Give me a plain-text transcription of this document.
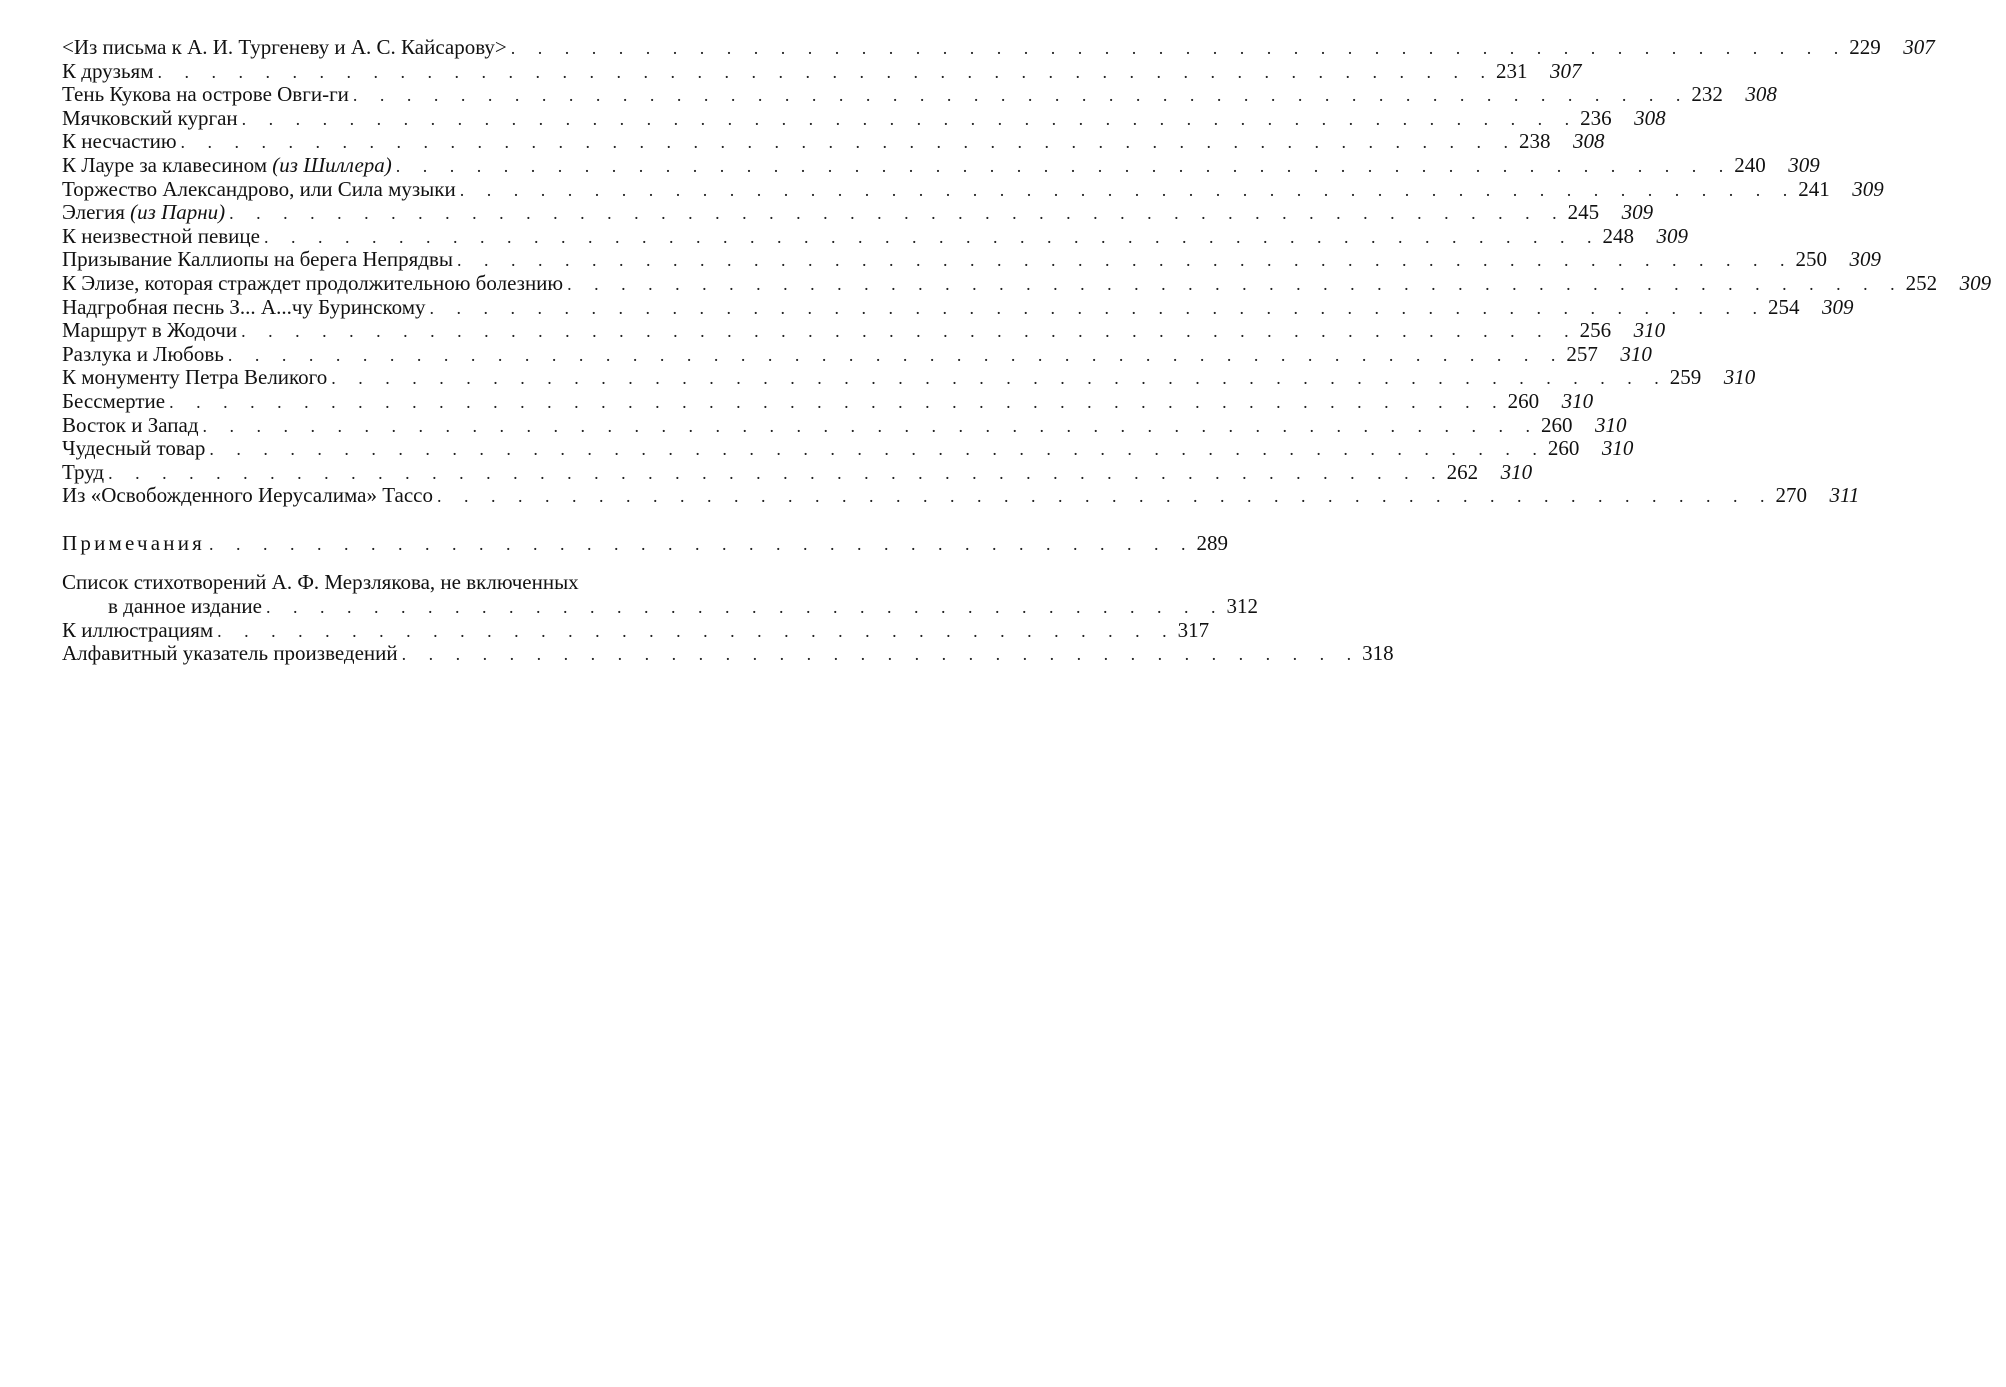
<Из письма к А. И. Тургеневу и А. С. Кайсарову> . . . . . . . . . . . . . . . . . . . . . . . . . . . . . . . . . . . . . . . . . . . . . . . . . . 229	307
К друзьям . . . . . . . . . . . . . . . . . . . . . . . . . . . . . . . . . . . . . . . . . . . . . . . . . . 231	307
Тень Кукова на острове Овги-ги . . . . . . . . . . . . . . . . . . . . . . . . . . . . . . . . . . . . . . . . . . . . . . . . . . 232	308
Мячковский курган . . . . . . . . . . . . . . . . . . . . . . . . . . . . . . . . . . . . . . . . . . . . . . . . . . 236	308
К несчастию . . . . . . . . . . . . . . . . . . . . . . . . . . . . . . . . . . . . . . . . . . . . . . . . . . 238	308
К Лауре за клавесином (из Шиллера) . . . . . . . . . . . . . . . . . . . . . . . . . . . . . . . . . . . . . . . . . . . . . . . . . . 240	309
Торжество Александрово, или Сила музыки . . . . . . . . . . . . . . . . . . . . . . . . . . . . . . . . . . . . . . . . . . . . . . . . . . 241	309
Элегия (из Парни) . . . . . . . . . . . . . . . . . . . . . . . . . . . . . . . . . . . . . . . . . . . . . . . . . . 245	309
К неизвестной певице . . . . . . . . . . . . . . . . . . . . . . . . . . . . . . . . . . . . . . . . . . . . . . . . . . 248	309
Призывание Каллиопы на берега Непрядвы . . . . . . . . . . . . . . . . . . . . . . . . . . . . . . . . . . . . . . . . . . . . . . . . . . 250	309
К Элизе, которая страждет продолжительною болезнию . . . . . . . . . . . . . . . . . . . . . . . . . . . . . . . . . . . . . . . . . . . . . . . . . . 252	309
Надгробная песнь З... А...чу Буринскому . . . . . . . . . . . . . . . . . . . . . . . . . . . . . . . . . . . . . . . . . . . . . . . . . . 254	309
Маршрут в Жодочи . . . . . . . . . . . . . . . . . . . . . . . . . . . . . . . . . . . . . . . . . . . . . . . . . . 256	310
Разлука и Любовь . . . . . . . . . . . . . . . . . . . . . . . . . . . . . . . . . . . . . . . . . . . . . . . . . . 257	310
К монументу Петра Великого . . . . . . . . . . . . . . . . . . . . . . . . . . . . . . . . . . . . . . . . . . . . . . . . . . 259	310
Бессмертие . . . . . . . . . . . . . . . . . . . . . . . . . . . . . . . . . . . . . . . . . . . . . . . . . . 260	310
Восток и Запад . . . . . . . . . . . . . . . . . . . . . . . . . . . . . . . . . . . . . . . . . . . . . . . . . . 260	310
Чудесный товар . . . . . . . . . . . . . . . . . . . . . . . . . . . . . . . . . . . . . . . . . . . . . . . . . . 260	310
Труд . . . . . . . . . . . . . . . . . . . . . . . . . . . . . . . . . . . . . . . . . . . . . . . . . . 262	310
Из «Освобожденного Иерусалима» Тассо . . . . . . . . . . . . . . . . . . . . . . . . . . . . . . . . . . . . . . . . . . . . . . . . . . 270	311
Примечания . . . . . . . . . . . . . . . . . . . . . . . . . . . . . . . . . . . . . 289
Список стихотворений А. Ф. Мерзлякова, не включенных
в данное издание . . . . . . . . . . . . . . . . . . . . . . . . . . . . . . . . . . . . 312
К иллюстрациям . . . . . . . . . . . . . . . . . . . . . . . . . . . . . . . . . . . . 317
Алфавитный указатель произведений . . . . . . . . . . . . . . . . . . . . . . . . . . . . . . . . . . . . 318
